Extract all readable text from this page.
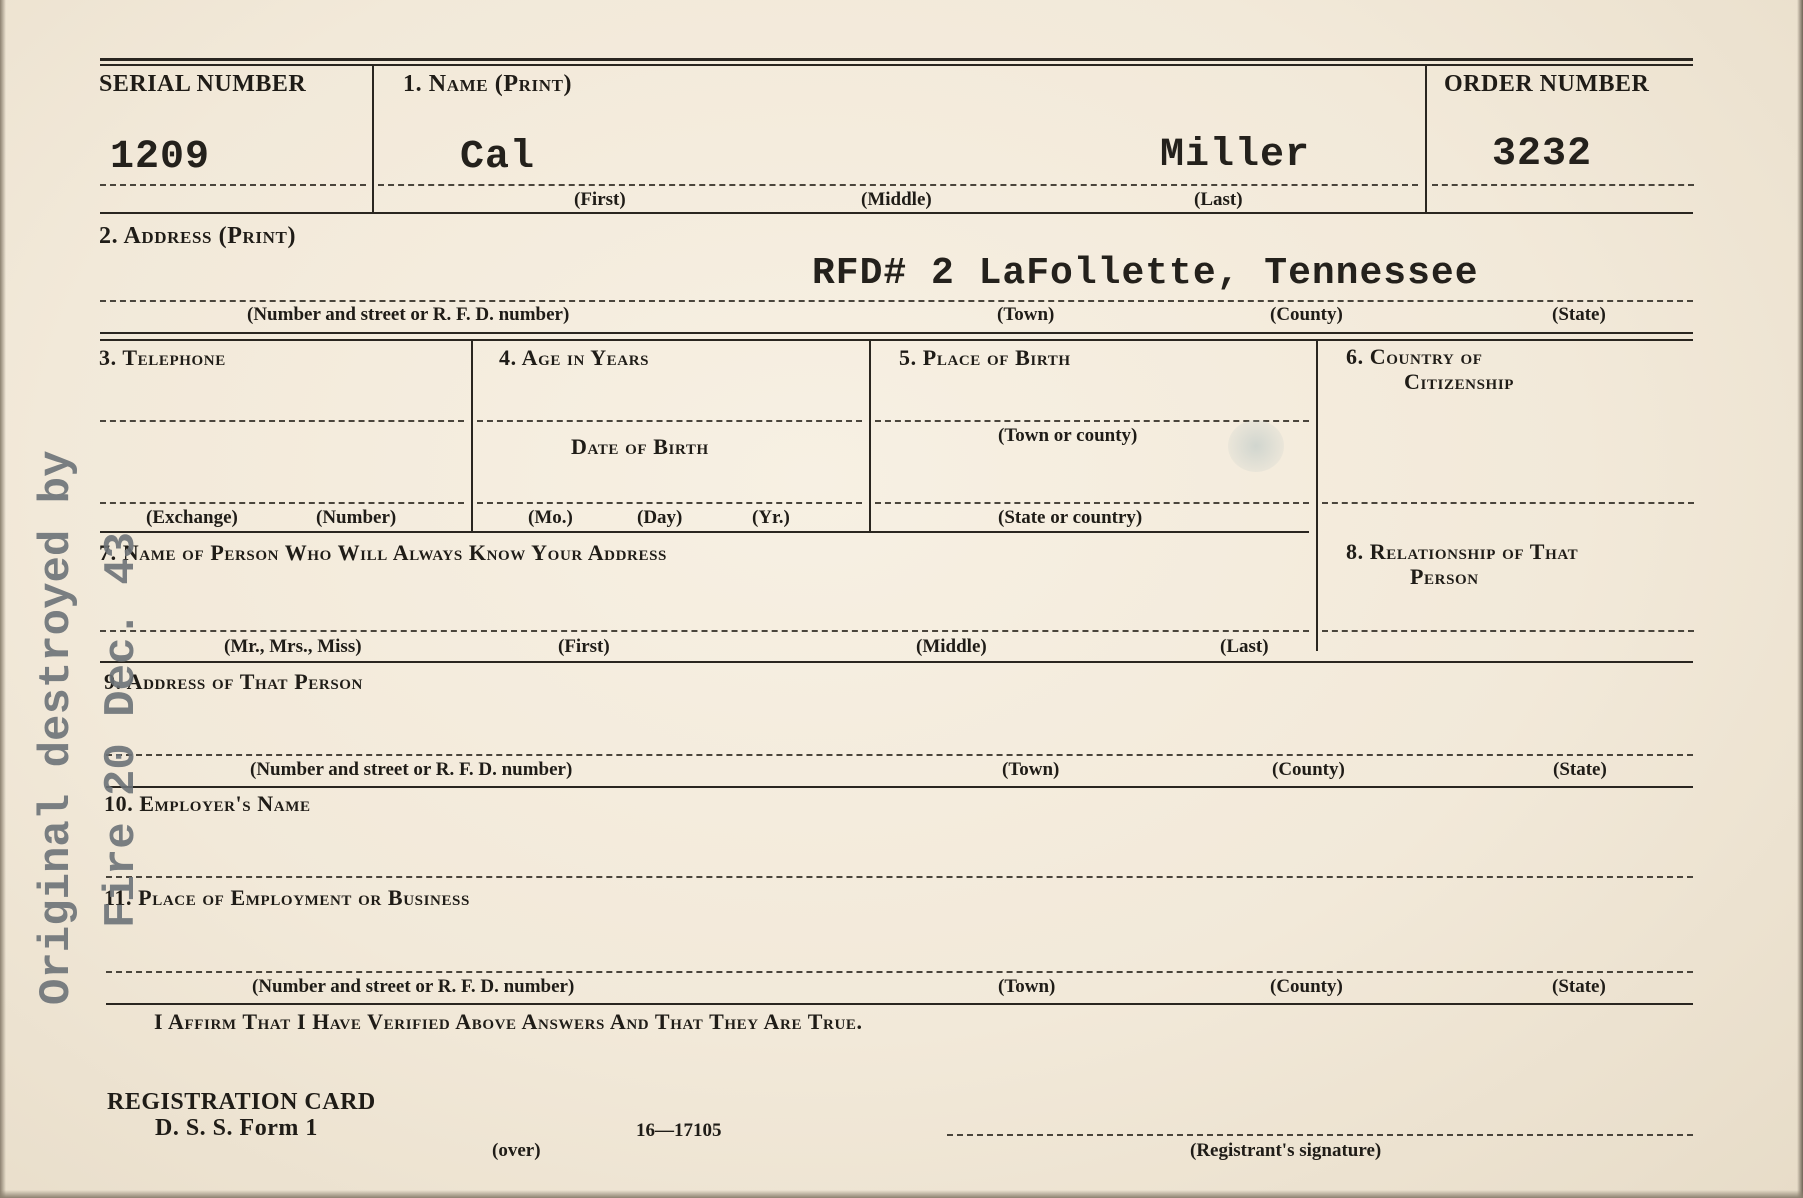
SERIAL NUMBER	1. Name (Print)	ORDER NUMBER
1209	Cal	Miller	3232
(First)	(Middle)	(Last)
2. Address (Print)
RFD# 2 LaFollette, Tennessee
(Number and street or R. F. D. number)	(Town)	(County)	(State)
3. Telephone	4. Age in Years	5. Place of Birth	6. Country of
Citizenship
Date of Birth	(Town or county)
(Exchange)	(Number)	(Mo.)	(Day)	(Yr.)	(State or country)
7. Name of Person Who Will Always Know Your Address	8. Relationship of That
Person
(Mr., Mrs., Miss)	(First)	(Middle)	(Last)
9. Address of That Person
(Number and street or R. F. D. number)	(Town)	(County)	(State)
10. Employer's Name
11. Place of Employment or Business
(Number and street or R. F. D. number)	(Town)	(County)	(State)
I Affirm That I Have Verified Above Answers And That They Are True.
REGISTRATION CARD
D. S. S. Form 1
(over)
16—17105
(Registrant's signature)
Original destroyed by Fire 20 Dec. 43
